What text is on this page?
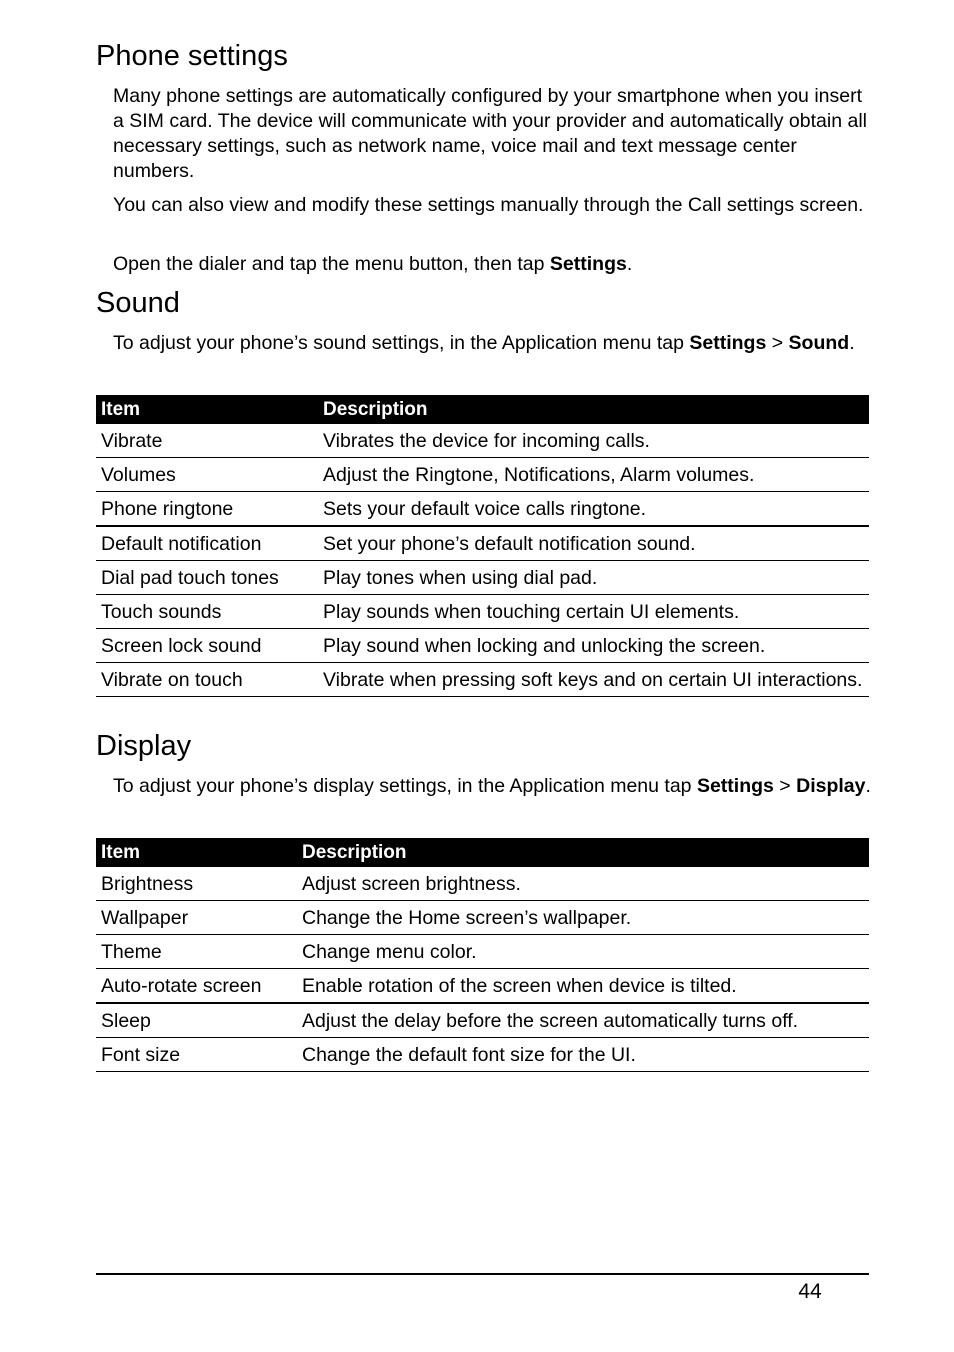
Phone settings

Many phone settings are automatically configured by your smartphone when you insert a SIM card. The device will communicate with your provider and automatically obtain all necessary settings, such as network name, voice mail and text message center numbers.

You can also view and modify these settings manually through the Call settings screen.

Open the dialer and tap the menu button, then tap Settings.

Sound

To adjust your phone’s sound settings, in the Application menu tap Settings > Sound.

Item	Description
Vibrate	Vibrates the device for incoming calls.
Volumes	Adjust the Ringtone, Notifications, Alarm volumes.
Phone ringtone	Sets your default voice calls ringtone.
Default notification	Set your phone’s default notification sound.
Dial pad touch tones	Play tones when using dial pad.
Touch sounds	Play sounds when touching certain UI elements.
Screen lock sound	Play sound when locking and unlocking the screen.
Vibrate on touch	Vibrate when pressing soft keys and on certain UI interactions.
Display

To adjust your phone’s display settings, in the Application menu tap Settings > Display.

Item	Description
Brightness	Adjust screen brightness.
Wallpaper	Change the Home screen’s wallpaper.
Theme	Change menu color.
Auto-rotate screen	Enable rotation of the screen when device is tilted.
Sleep	Adjust the delay before the screen automatically turns off.
Font size	Change the default font size for the UI.
44
